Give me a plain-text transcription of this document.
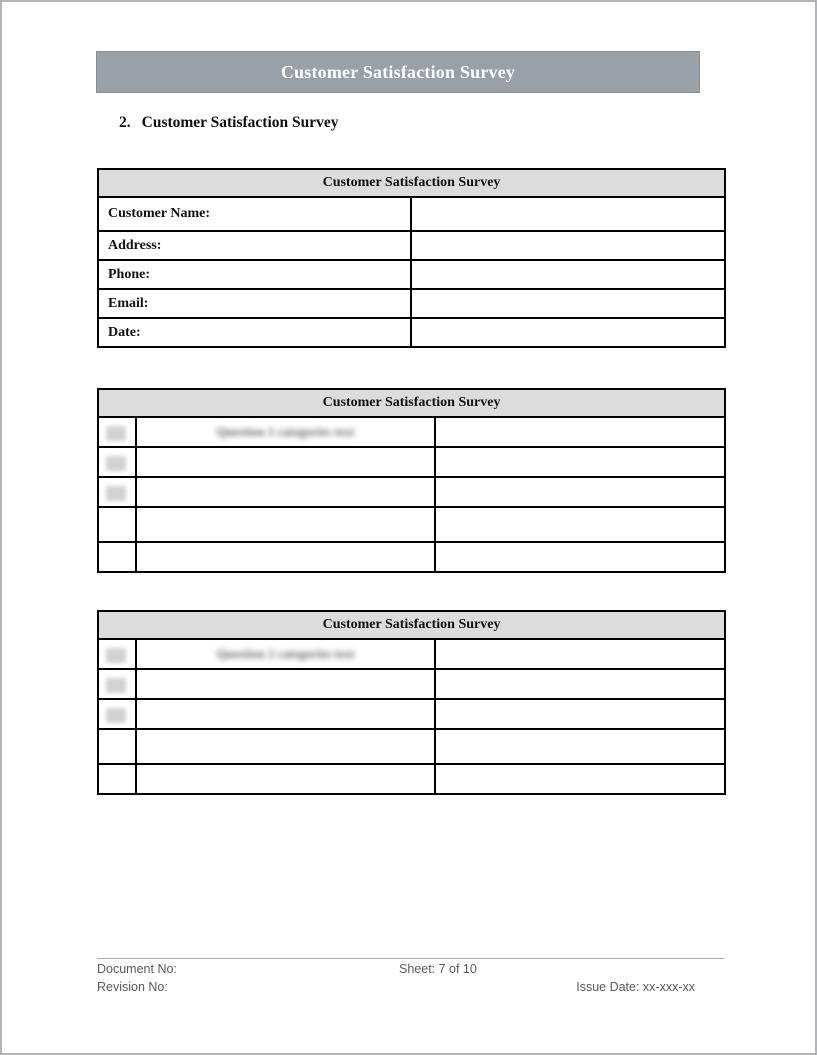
Customer Satisfaction Survey
2. Customer Satisfaction Survey
Customer Satisfaction Survey	
Customer Name:	
Address:	
Phone:	
Email:	
Date:	
Customer Satisfaction Survey		

	Question 1 categories text	

Customer Satisfaction Survey		

	Question 2 categories text	

Document No:	Sheet: 7 of 10
Revision No:	Issue Date: xx-xxx-xx
